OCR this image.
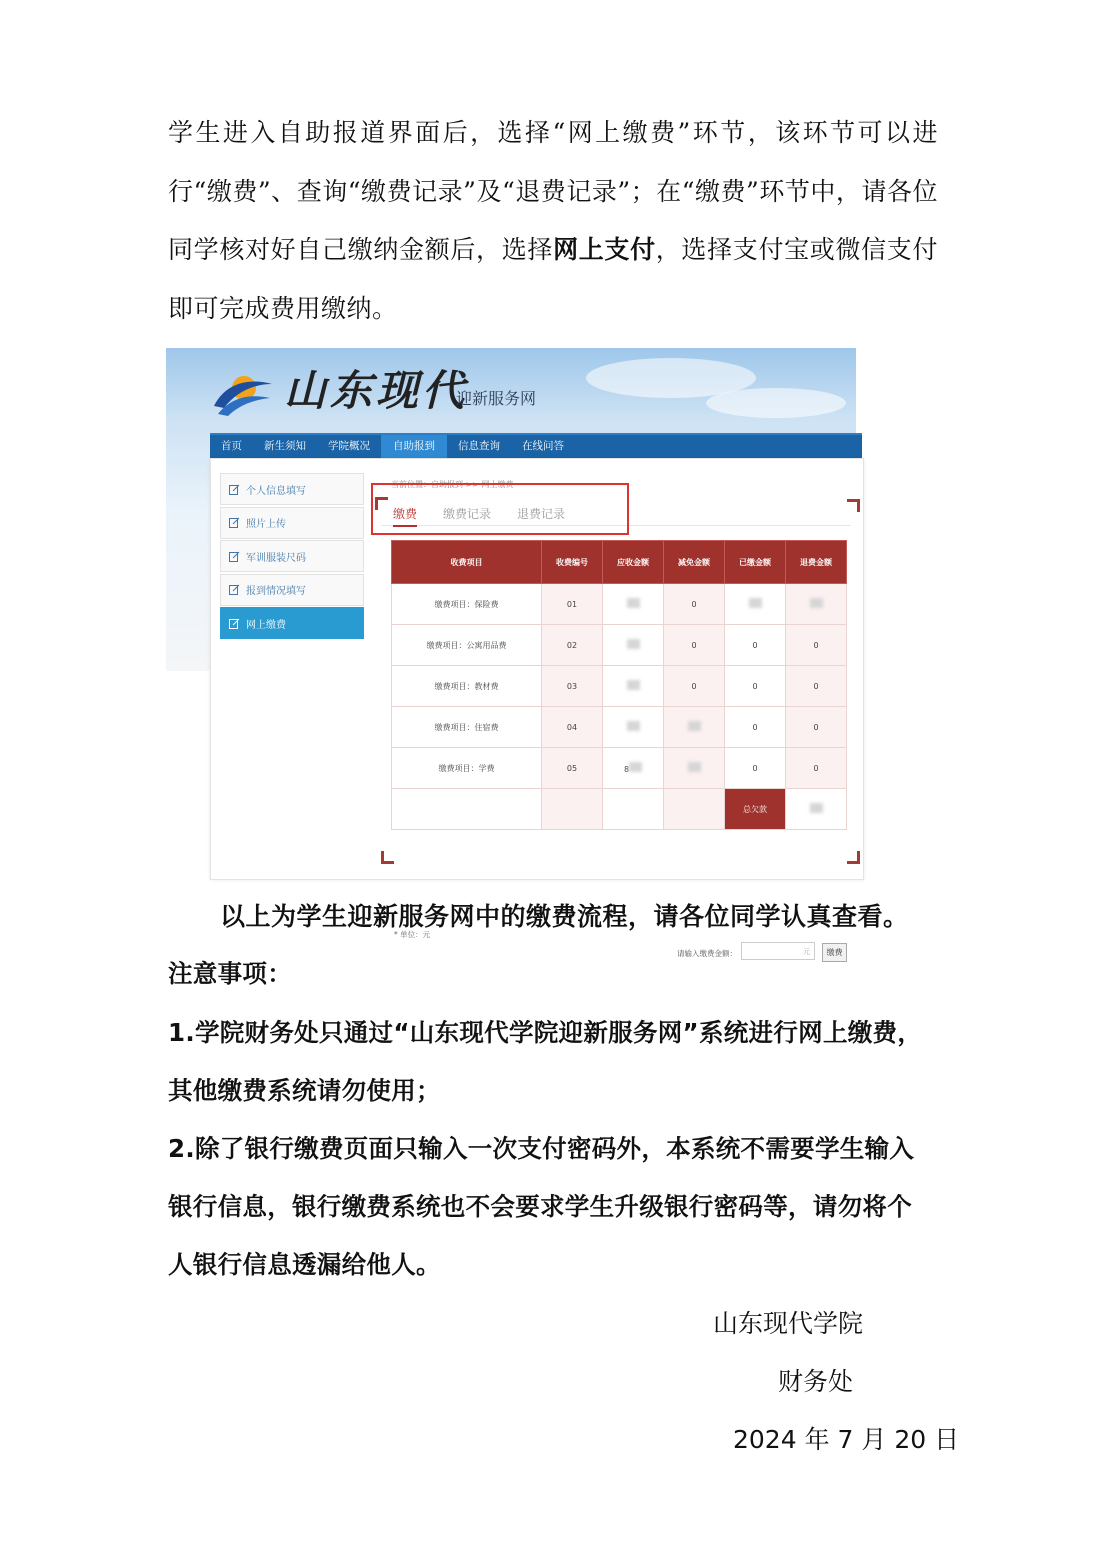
学生进入自助报道界面后，选择“网上缴费”环节，该环节可以进行“缴费”、查询“缴费记录”及“退费记录”；在“缴费”环节中，请各位同学核对好自己缴纳金额后，选择网上支付，选择支付宝或微信支付即可完成费用缴纳。

山东现代
迎新服务网
首页	新生须知	学院概况	自助报到	信息查询	在线问答
个人信息填写
照片上传
军训服装尺码
报到情况填写
网上缴费
当前位置：自助报到 >> 网上缴费
缴费 缴费记录 退费记录
收费项目	收费编号	应收金额	减免金额	已缴金额	退费金额
缴费项目：保险费	01		0		
缴费项目：公寓用品费	02		0	0	0
缴费项目：教材费	03		0	0	0
缴费项目：住宿费	04			0	0
缴费项目：学费	05	8		0	0
				总欠款	
* 单位：元
请输入缴费金额：	元	缴费

以上为学生迎新服务网中的缴费流程，请各位同学认真查看。

注意事项：

1.学院财务处只通过“山东现代学院迎新服务网”系统进行网上缴费，

其他缴费系统请勿使用；

2.除了银行缴费页面只输入一次支付密码外，本系统不需要学生输入

银行信息，银行缴费系统也不会要求学生升级银行密码等，请勿将个

人银行信息透漏给他人。

山东现代学院

财务处

2024 年 7 月 20 日
